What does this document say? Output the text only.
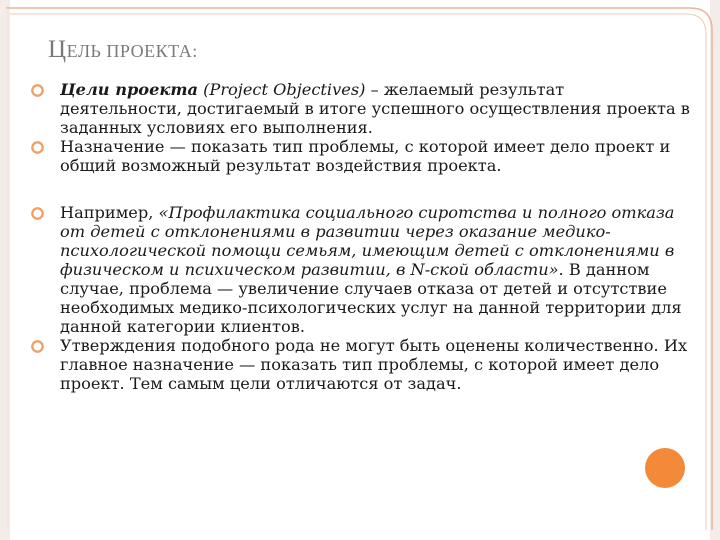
ЦЕЛЬ ПРОЕКТА:
Цели проекта (Project Objectives) – желаемый результат деятельности, достигаемый в итоге успешного осуществления проекта в заданных условиях его выполнения.
Назначение — показать тип проблемы, с которой имеет дело проект и общий возможный результат воздействия проекта.
Например, «Профилактика социального сиротства и полного отказа от детей с отклонениями в развитии через оказание медико-психологической помощи семьям, имеющим детей с отклонениями в физическом и психическом развитии, в N-ской области». В данном случае, проблема — увеличение случаев отказа от детей и отсутствие необходимых медико-психологических услуг на данной территории для данной категории клиентов.
Утверждения подобного рода не могут быть оценены количественно. Их главное назначение — показать тип проблемы, с которой имеет дело проект. Тем самым цели отличаются от задач.
